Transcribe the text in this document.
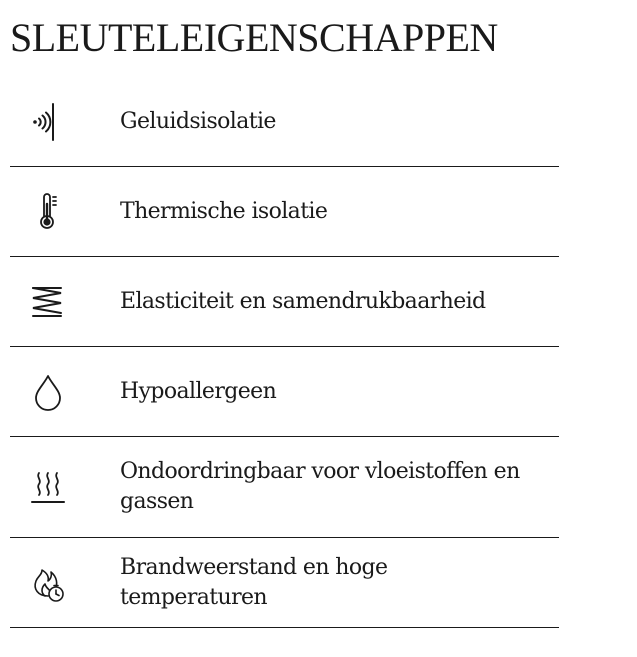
SLEUTELEIGENSCHAPPEN
Geluidsisolatie
Thermische isolatie
Elasticiteit en samendrukbaarheid
Hypoallergeen
Ondoordringbaar voor vloeistoffen en gassen
Brandweerstand en hoge temperaturen
